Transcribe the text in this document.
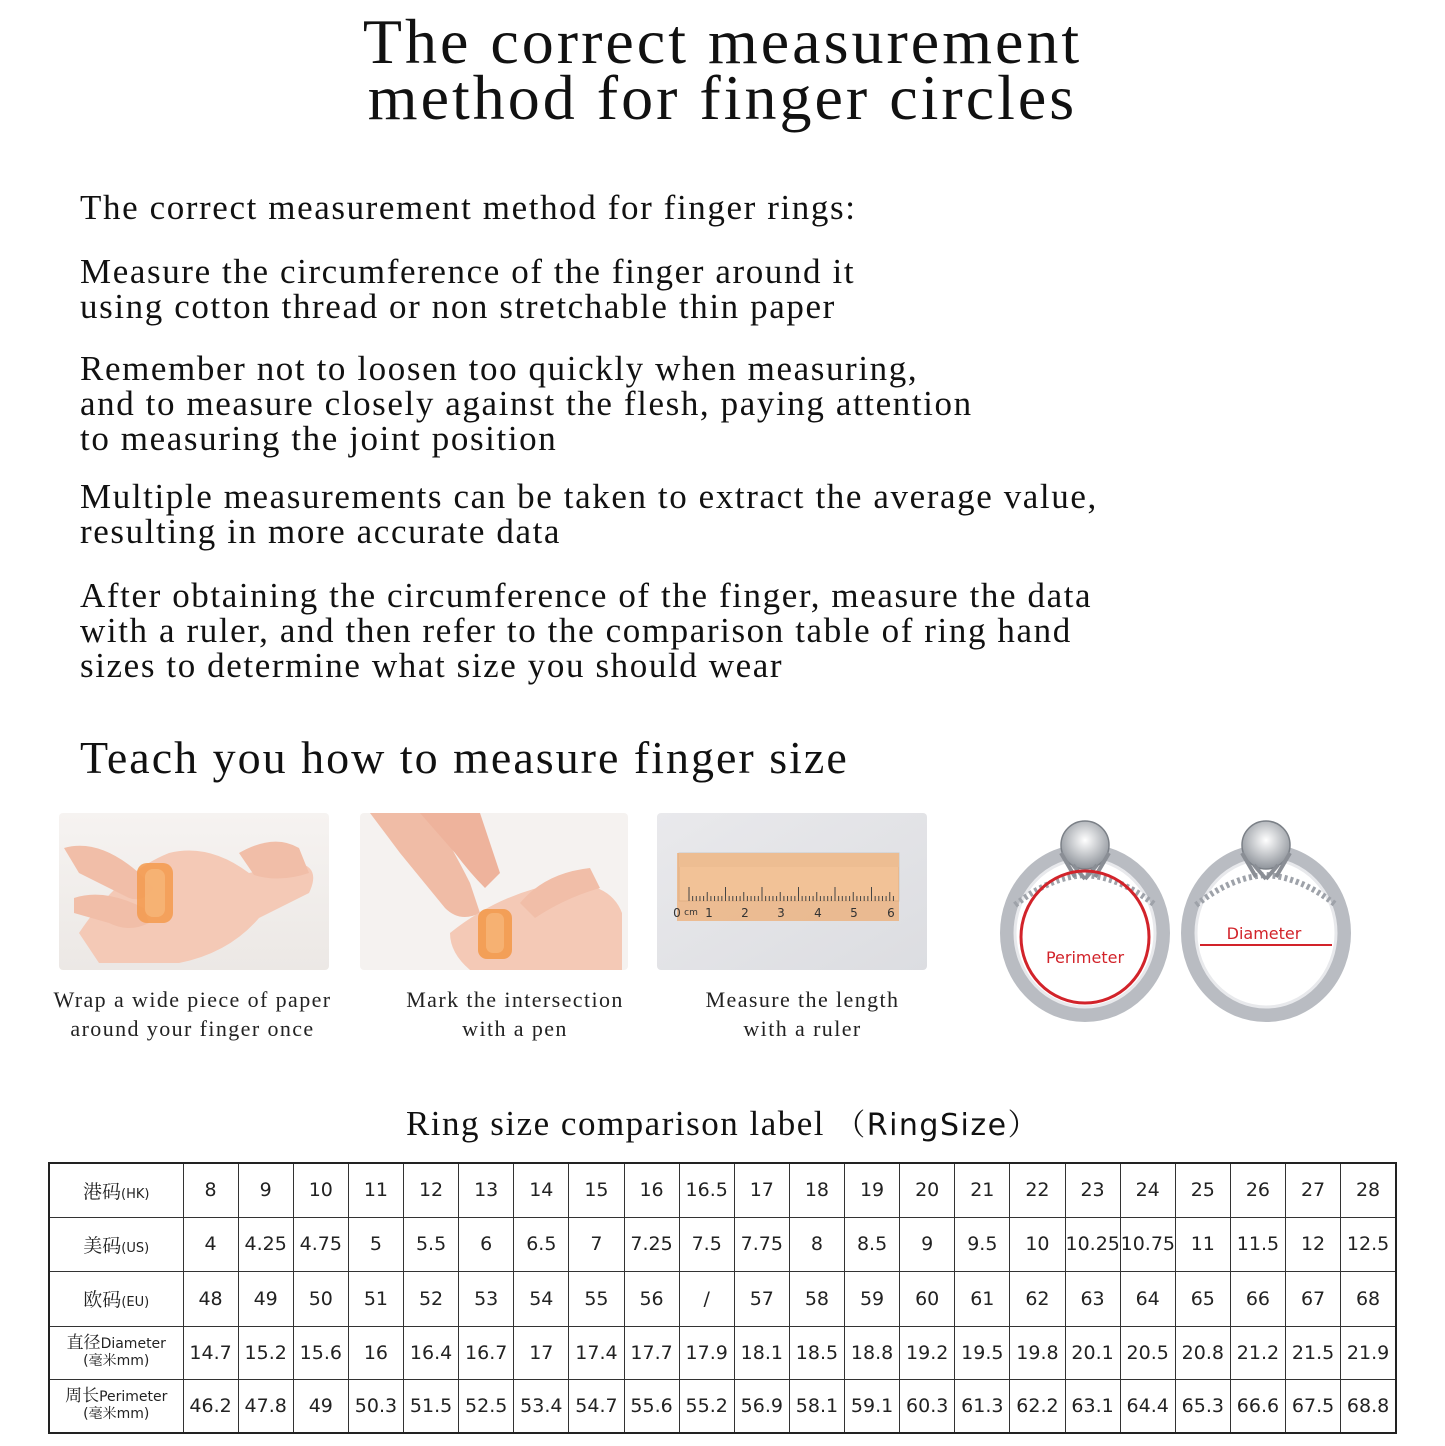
The correct measurement
method for finger circles
The correct measurement method for finger rings:
Measure the circumference of the finger around it
using cotton thread or non stretchable thin paper
Remember not to loosen too quickly when measuring,
and to measure closely against the flesh, paying attention
to measuring the joint position
Multiple measurements can be taken to extract the average value,
resulting in more accurate data
After obtaining the circumference of the finger, measure the data
with a ruler, and then refer to the comparison table of ring hand
sizes to determine what size you should wear
Teach you how to measure finger size
0 cm 1 2 3 4 5 6
Wrap a wide piece of paper
around your finger once
Mark the intersection
with a pen
Measure the length
with a ruler
Perimeter
Diameter
Ring size comparison label （RingSize）
港码(HK)	8	9	10	11	12	13	14	15	16	16.5	17	18	19	20	21	22	23	24	25	26	27	28
美码(US)	4	4.25	4.75	5	5.5	6	6.5	7	7.25	7.5	7.75	8	8.5	9	9.5	10	10.25	10.75	11	11.5	12	12.5
欧码(EU)	48	49	50	51	52	53	54	55	56	/	57	58	59	60	61	62	63	64	65	66	67	68

直径Diameter
(毫米mm)	14.7	15.2	15.6	16	16.4	16.7	17	17.4	17.7	17.9	18.1	18.5	18.8	19.2	19.5	19.8	20.1	20.5	20.8	21.2	21.5	21.9

周长Perimeter
(毫米mm)	46.2	47.8	49	50.3	51.5	52.5	53.4	54.7	55.6	55.2	56.9	58.1	59.1	60.3	61.3	62.2	63.1	64.4	65.3	66.6	67.5	68.8
